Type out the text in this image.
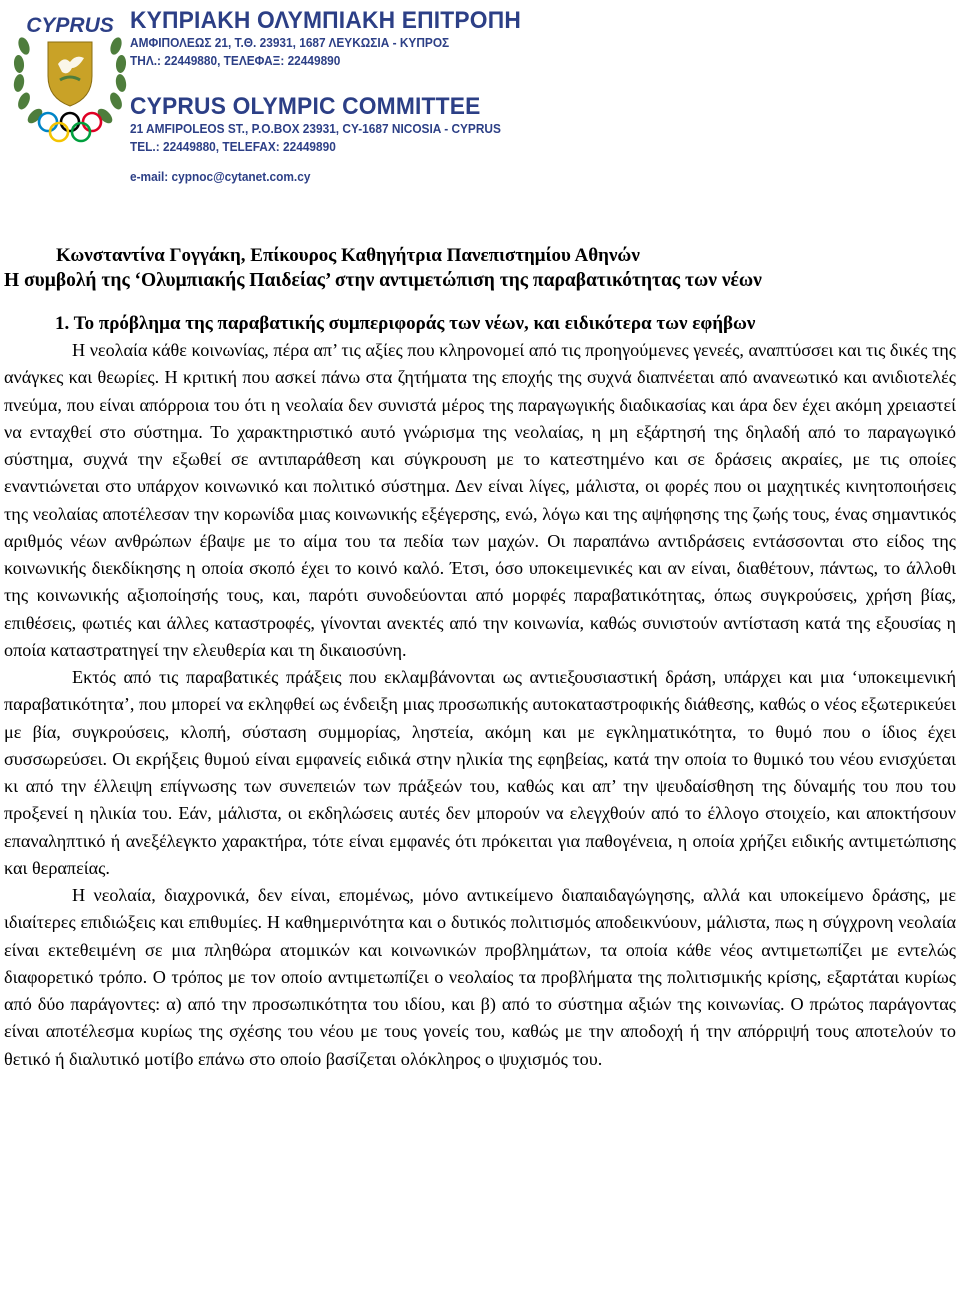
CYPRUS ΚΥΠΡΙΑΚΗ ΟΛΥΜΠΙΑΚΗ ΕΠΙΤΡΟΠΗ
ΑΜΦΙΠΟΛΕΩΣ 21, Τ.Θ. 23931, 1687 ΛΕΥΚΩΣΙΑ - ΚΥΠΡΟΣ
ΤΗΛ.: 22449880, ΤΕΛΕΦΑΞ: 22449890
CYPRUS OLYMPIC COMMITTEE
21 AMFIPOLEOS ST., P.O.BOX 23931, CY-1687 NICOSIA - CYPRUS
TEL.: 22449880, TELEFAX: 22449890
e-mail: cypnoc@cytanet.com.cy
Κωνσταντίνα Γογγάκη, Επίκουρος Καθηγήτρια Πανεπιστημίου Αθηνών
Η συμβολή της ‘Ολυμπιακής Παιδείας’ στην αντιμετώπιση της παραβατικότητας των νέων
1. Το πρόβλημα της παραβατικής συμπεριφοράς των νέων, και ειδικότερα των εφήβων

Η νεολαία κάθε κοινωνίας, πέρα απ’ τις αξίες που κληρονομεί από τις προηγούμενες γενεές, αναπτύσσει και τις δικές της ανάγκες και θεωρίες. Η κριτική που ασκεί πάνω στα ζητήματα της εποχής της συχνά διαπνέεται από ανανεωτικό και ανιδιοτελές πνεύμα, που είναι απόρροια του ότι η νεολαία δεν συνιστά μέρος της παραγωγικής διαδικασίας και άρα δεν έχει ακόμη χρειαστεί να ενταχθεί στο σύστημα. Το χαρακτηριστικό αυτό γνώρισμα της νεολαίας, η μη εξάρτησή της δηλαδή από το παραγωγικό σύστημα, συχνά την εξωθεί σε αντιπαράθεση και σύγκρουση με το κατεστημένο και σε δράσεις ακραίες, με τις οποίες εναντιώνεται στο υπάρχον κοινωνικό και πολιτικό σύστημα. Δεν είναι λίγες, μάλιστα, οι φορές που οι μαχητικές κινητοποιήσεις της νεολαίας αποτέλεσαν την κορωνίδα μιας κοινωνικής εξέγερσης, ενώ, λόγω και της αψήφησης της ζωής τους, ένας σημαντικός αριθμός νέων ανθρώπων έβαψε με το αίμα του τα πεδία των μαχών. Οι παραπάνω αντιδράσεις εντάσσονται στο είδος της κοινωνικής διεκδίκησης η οποία σκοπό έχει το κοινό καλό. Έτσι, όσο υποκειμενικές και αν είναι, διαθέτουν, πάντως, το άλλοθι της κοινωνικής αξιοποίησής τους, και, παρότι συνοδεύονται από μορφές παραβατικότητας, όπως συγκρούσεις, χρήση βίας, επιθέσεις, φωτιές και άλλες καταστροφές, γίνονται ανεκτές από την κοινωνία, καθώς συνιστούν αντίσταση κατά της εξουσίας η οποία καταστρατηγεί την ελευθερία και τη δικαιοσύνη.

Εκτός από τις παραβατικές πράξεις που εκλαμβάνονται ως αντιεξουσιαστική δράση, υπάρχει και μια ‘υποκειμενική παραβατικότητα’, που μπορεί να εκληφθεί ως ένδειξη μιας προσωπικής αυτοκαταστροφικής διάθεσης, καθώς ο νέος εξωτερικεύει με βία, συγκρούσεις, κλοπή, σύσταση συμμορίας, ληστεία, ακόμη και με εγκληματικότητα, το θυμό που ο ίδιος έχει συσσωρεύσει. Οι εκρήξεις θυμού είναι εμφανείς ειδικά στην ηλικία της εφηβείας, κατά την οποία το θυμικό του νέου ενισχύεται κι από την έλλειψη επίγνωσης των συνεπειών των πράξεών του, καθώς και απ’ την ψευδαίσθηση της δύναμής του που του προξενεί η ηλικία του. Εάν, μάλιστα, οι εκδηλώσεις αυτές δεν μπορούν να ελεγχθούν από το έλλογο στοιχείο, και αποκτήσουν επαναληπτικό ή ανεξέλεγκτο χαρακτήρα, τότε είναι εμφανές ότι πρόκειται για παθογένεια, η οποία χρήζει ειδικής αντιμετώπισης και θεραπείας.

Η νεολαία, διαχρονικά, δεν είναι, επομένως, μόνο αντικείμενο διαπαιδαγώγησης, αλλά και υποκείμενο δράσης, με ιδιαίτερες επιδιώξεις και επιθυμίες. Η καθημερινότητα και ο δυτικός πολιτισμός αποδεικνύουν, μάλιστα, πως η σύγχρονη νεολαία είναι εκτεθειμένη σε μια πληθώρα ατομικών και κοινωνικών προβλημάτων, τα οποία κάθε νέος αντιμετωπίζει με εντελώς διαφορετικό τρόπο. Ο τρόπος με τον οποίο αντιμετωπίζει ο νεολαίος τα προβλήματα της πολιτισμικής κρίσης, εξαρτάται κυρίως από δύο παράγοντες: α) από την προσωπικότητα του ιδίου, και β) από το σύστημα αξιών της κοινωνίας. Ο πρώτος παράγοντας είναι αποτέλεσμα κυρίως της σχέσης του νέου με τους γονείς του, καθώς με την αποδοχή ή την απόρριψή τους αποτελούν το θετικό ή διαλυτικό μοτίβο επάνω στο οποίο βασίζεται ολόκληρος ο ψυχισμός του.
